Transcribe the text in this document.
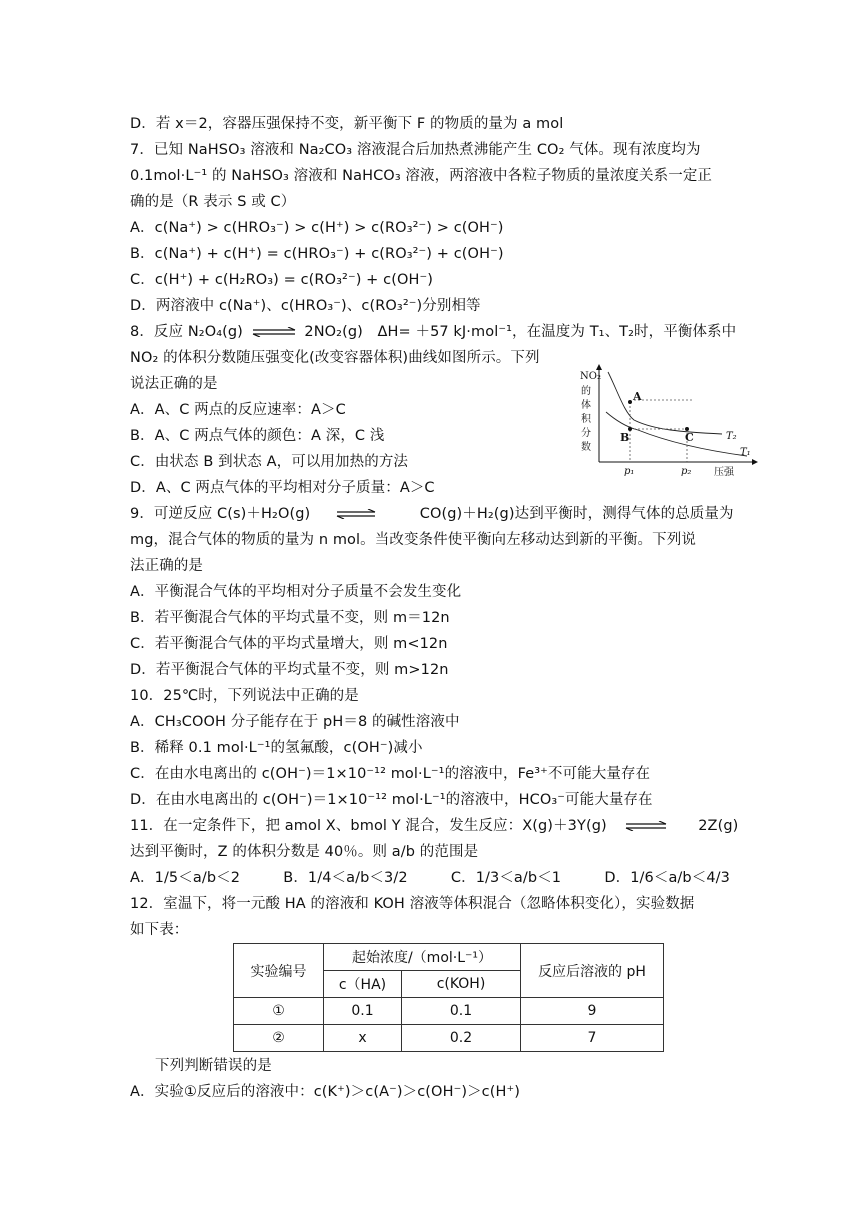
D．若 x＝2，容器压强保持不变，新平衡下 F 的物质的量为 a mol
7．已知 NaHSO₃ 溶液和 Na₂CO₃ 溶液混合后加热煮沸能产生 CO₂ 气体。现有浓度均为
0.1mol·L⁻¹ 的 NaHSO₃ 溶液和 NaHCO₃ 溶液，两溶液中各粒子物质的量浓度关系一定正
确的是（R 表示 S 或 C）
A．c(Na⁺) > c(HRO₃⁻) > c(H⁺) > c(RO₃²⁻) > c(OH⁻)
B．c(Na⁺) + c(H⁺) = c(HRO₃⁻) + c(RO₃²⁻) + c(OH⁻)
C．c(H⁺) + c(H₂RO₃) = c(RO₃²⁻) + c(OH⁻)
D．两溶液中 c(Na⁺)、c(HRO₃⁻)、c(RO₃²⁻)分别相等
8．反应 N₂O₄(g) ⇌ 2NO₂(g)　ΔH= ＋57 kJ·mol⁻¹，在温度为 T₁、T₂时，平衡体系中
NO₂ 的体积分数随压强变化(改变容器体积)曲线如图所示。下列
说法正确的是
A．A、C 两点的反应速率：A＞C
B．A、C 两点气体的颜色：A 深，C 浅
C．由状态 B 到状态 A，可以用加热的方法
D．A、C 两点气体的平均相对分子质量：A＞C
NO₂
的
体
积
分
数
A
B	C	T₂
T₁
p₁	p₂ 压强
9．可逆反应 C(s)＋H₂O(g)	CO(g)＋H₂(g)达到平衡时，测得气体的总质量为
mg，混合气体的物质的量为 n mol。当改变条件使平衡向左移动达到新的平衡。下列说
法正确的是
A．平衡混合气体的平均相对分子质量不会发生变化
B．若平衡混合气体的平均式量不变，则 m＝12n
C．若平衡混合气体的平均式量增大，则 m<12n
D．若平衡混合气体的平均式量不变，则 m>12n
10．25℃时，下列说法中正确的是
A．CH₃COOH 分子能存在于 pH＝8 的碱性溶液中
B．稀释 0.1 mol·L⁻¹的氢氟酸，c(OH⁻)减小
C．在由水电离出的 c(OH⁻)＝1×10⁻¹² mol·L⁻¹的溶液中，Fe³⁺不可能大量存在
D．在由水电离出的 c(OH⁻)＝1×10⁻¹² mol·L⁻¹的溶液中，HCO₃⁻可能大量存在
11．在一定条件下，把 amol X、bmol Y 混合，发生反应：X(g)＋3Y(g)	2Z(g)
达到平衡时，Z 的体积分数是 40％。则 a/b 的范围是
A．1/5＜a/b＜2	B．1/4＜a/b＜3/2	C．1/3＜a/b＜1	D．1/6＜a/b＜4/3
12．室温下，将一元酸 HA 的溶液和 KOH 溶液等体积混合（忽略体积变化），实验数据
如下表：
实验编号	起始浓度/（mol·L⁻¹）		反应后溶液的 pH
	c（HA)	c(KOH)	
①	0.1	0.1	9
②	x	0.2	7
下列判断错误的是
A．实验①反应后的溶液中：c(K⁺)＞c(A⁻)＞c(OH⁻)＞c(H⁺)
